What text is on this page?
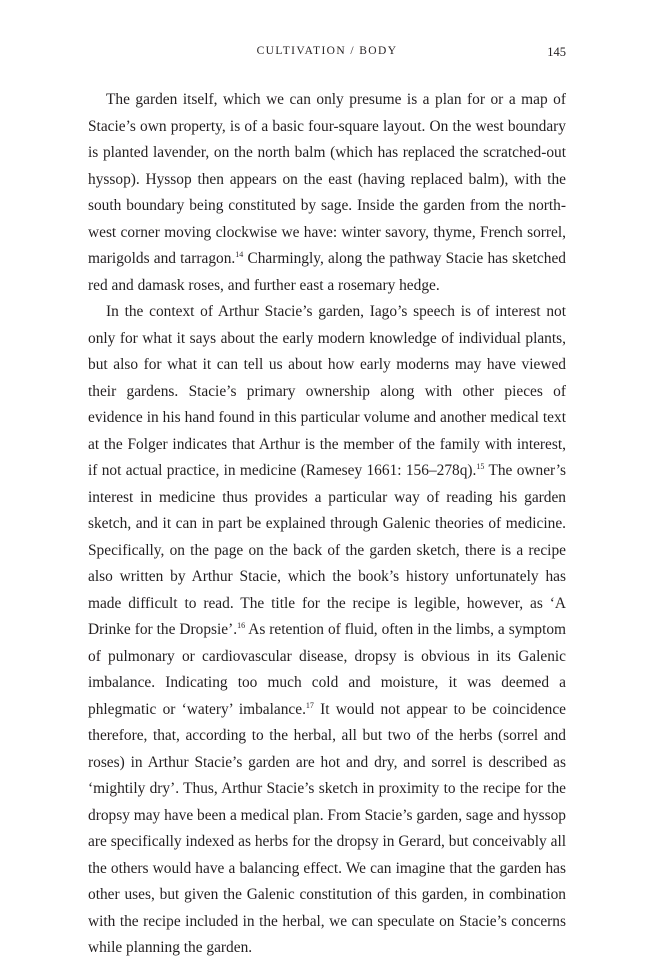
CULTIVATION / BODY	145

The garden itself, which we can only presume is a plan for or a map of Stacie’s own property, is of a basic four-square layout. On the west boundary is planted lavender, on the north balm (which has replaced the scratched-out hyssop). Hyssop then appears on the east (having replaced balm), with the south boundary being constituted by sage. Inside the garden from the north-west corner moving clockwise we have: winter savory, thyme, French sorrel, marigolds and tarragon.$^{14}$ Charmingly, along the pathway Stacie has sketched red and damask roses, and further east a rosemary hedge.

In the context of Arthur Stacie’s garden, Iago’s speech is of interest not only for what it says about the early modern knowledge of individual plants, but also for what it can tell us about how early moderns may have viewed their gardens. Stacie’s primary ownership along with other pieces of evidence in his hand found in this particular volume and another medical text at the Folger indicates that Arthur is the member of the family with interest, if not actual practice, in medicine (Ramesey 1661: 156–278q).$^{15}$ The owner’s interest in medicine thus provides a particular way of reading his garden sketch, and it can in part be explained through Galenic theories of medicine. Specifically, on the page on the back of the garden sketch, there is a recipe also written by Arthur Stacie, which the book’s history unfortunately has made difficult to read. The title for the recipe is legible, however, as ‘A Drinke for the Dropsie’.$^{16}$ As retention of fluid, often in the limbs, a symptom of pulmonary or cardiovascular disease, dropsy is obvious in its Galenic imbalance. Indicating too much cold and moisture, it was deemed a phlegmatic or ‘watery’ imbalance.$^{17}$ It would not appear to be coincidence therefore, that, according to the herbal, all but two of the herbs (sorrel and roses) in Arthur Stacie’s garden are hot and dry, and sorrel is described as ‘mightily dry’. Thus, Arthur Stacie’s sketch in proximity to the recipe for the dropsy may have been a medical plan. From Stacie’s garden, sage and hyssop are specifically indexed as herbs for the dropsy in Gerard, but conceivably all the others would have a balancing effect. We can imagine that the garden has other uses, but given the Galenic constitution of this garden, in combination with the recipe included in the herbal, we can speculate on Stacie’s concerns while planning the garden.
